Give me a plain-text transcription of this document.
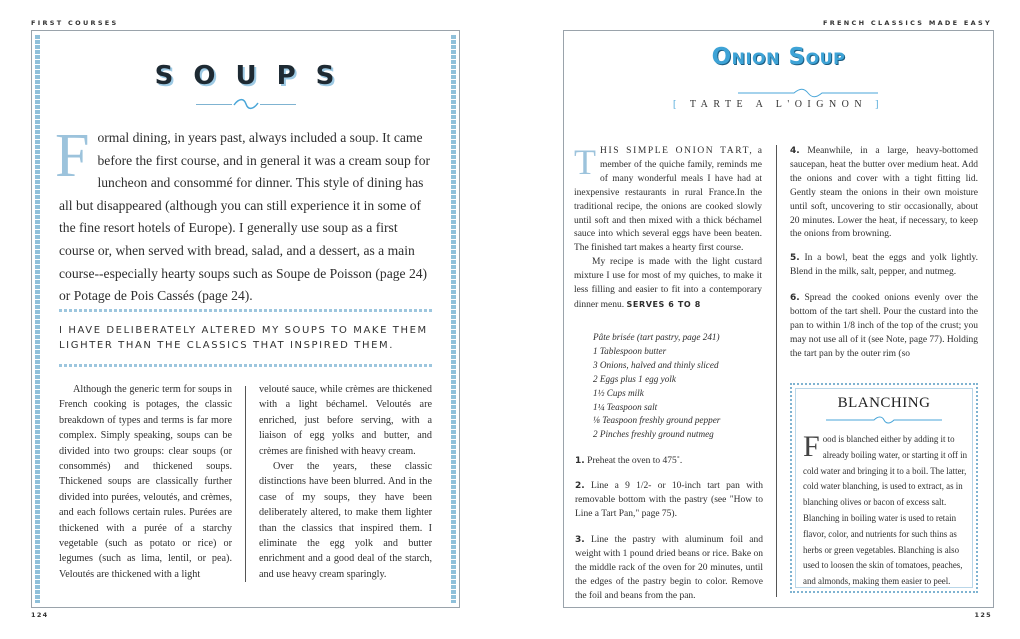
FIRST COURSES
SOUPS
Formal dining, in years past, always included a soup. It came before the first course, and in general it was a cream soup for luncheon and consommé for dinner. This style of dining has all but disappeared (although you can still experience it in some of the fine resort hotels of Europe). I generally use soup as a first course or, when served with bread, salad, and a dessert, as a main course--especially hearty soups such as Soupe de Poisson (page 24) or Potage de Pois Cassés (page 24).
I HAVE DELIBERATELY ALTERED MY SOUPS TO MAKE THEM LIGHTER THAN THE CLASSICS THAT INSPIRED THEM.
Although the generic term for soups in French cooking is potages, the classic breakdown of types and terms is far more complex. Simply speaking, soups can be divided into two groups: clear soups (or consommés) and thickened soups. Thickened soups are classically further divided into purées, veloutés, and crèmes, and each follows certain rules. Purées are thickened with a purée of a starchy vegetable (such as potato or rice) or legumes (such as lima, lentil, or pea). Veloutés are thickened with a light

velouté sauce, while crèmes are thickened with a light béchamel. Veloutés are enriched, just before serving, with a liaison of egg yolks and butter, and crèmes are finished with heavy cream.

Over the years, these classic distinctions have been blurred. And in the case of my soups, they have been deliberately altered, to make them lighter than the classics that inspired them. I eliminate the egg yolk and butter enrichment and a good deal of the starch, and use heavy cream sparingly.

124
FRENCH CLASSICS MADE EASY
Onion Soup
[ TARTE A L'OIGNON ]

THIS SIMPLE ONION TART, a member of the quiche family, reminds me of many wonderful meals I have had at inexpensive restaurants in rural France.In the traditional recipe, the onions are cooked slowly until soft and then mixed with a thick béchamel sauce into which several eggs have been beaten. The finished tart makes a hearty first course.

My recipe is made with the light custard mixture I use for most of my quiches, to make it less filling and easier to fit into a contemporary dinner menu. SERVES 6 TO 8

Pâte brisée (tart pastry, page 241)
1 Tablespoon butter
3 Onions, halved and thinly sliced
2 Eggs plus 1 egg yolk
1½ Cups milk
1¼ Teaspoon salt
⅛ Teaspoon freshly ground pepper
2 Pinches freshly ground nutmeg
1. Preheat the oven to 475˚.
2. Line a 9 1/2- or 10-inch tart pan with removable bottom with the pastry (see "How to Line a Tart Pan," page 75).
3. Line the pastry with aluminum foil and weight with 1 pound dried beans or rice. Bake on the middle rack of the oven for 20 minutes, until the edges of the pastry begin to color. Remove the foil and beans from the pan.
4. Meanwhile, in a large, heavy-bottomed saucepan, heat the butter over medium heat. Add the onions and cover with a tight fitting lid. Gently steam the onions in their own moisture until soft, uncovering to stir occasionally, about 20 minutes. Lower the heat, if necessary, to keep the onions from browning.
5. In a bowl, beat the eggs and yolk lightly. Blend in the milk, salt, pepper, and nutmeg.
6. Spread the cooked onions evenly over the bottom of the tart shell. Pour the custard into the pan to within 1/8 inch of the top of the crust; you may not use all of it (see Note, page 77). Holding the tart pan by the outer rim (so
BLANCHING
Food is blanched either by adding it to already boiling water, or starting it off in cold water and bringing it to a boil. The latter, cold water blanching, is used to extract, as in blanching olives or bacon of excess salt. Blanching in boiling water is used to retain flavor, color, and nutrients for such thins as herbs or green vegetables. Blanching is also used to loosen the skin of tomatoes, peaches, and almonds, making them easier to peel.
125
